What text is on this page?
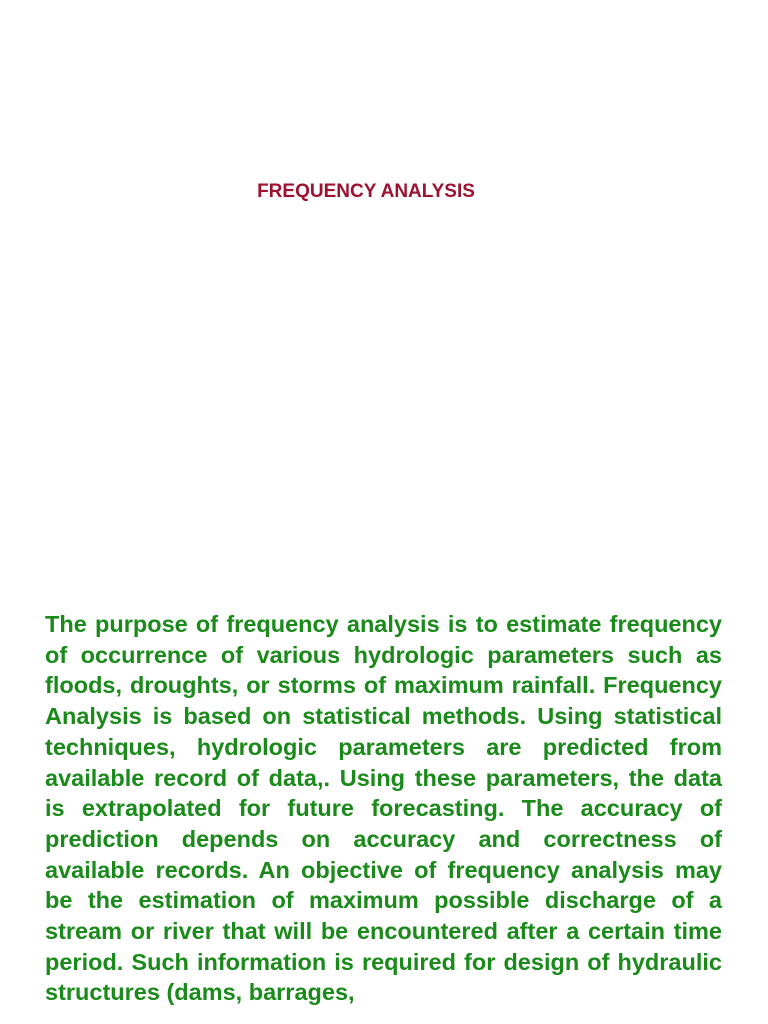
FREQUENCY ANALYSIS

The purpose of frequency analysis is to estimate frequency of occurrence of various hydrologic parameters such as floods, droughts, or storms of maximum rainfall. Frequency Analysis is based on statistical methods. Using statistical techniques, hydrologic parameters are predicted from available record of data,. Using these parameters, the data is extrapolated for future forecasting. The accuracy of prediction depends on accuracy and correctness of available records. An objective of frequency analysis may be the estimation of maximum possible discharge of a stream or river that will be encountered after a certain time period. Such information is required for design of hydraulic structures (dams, barrages,
